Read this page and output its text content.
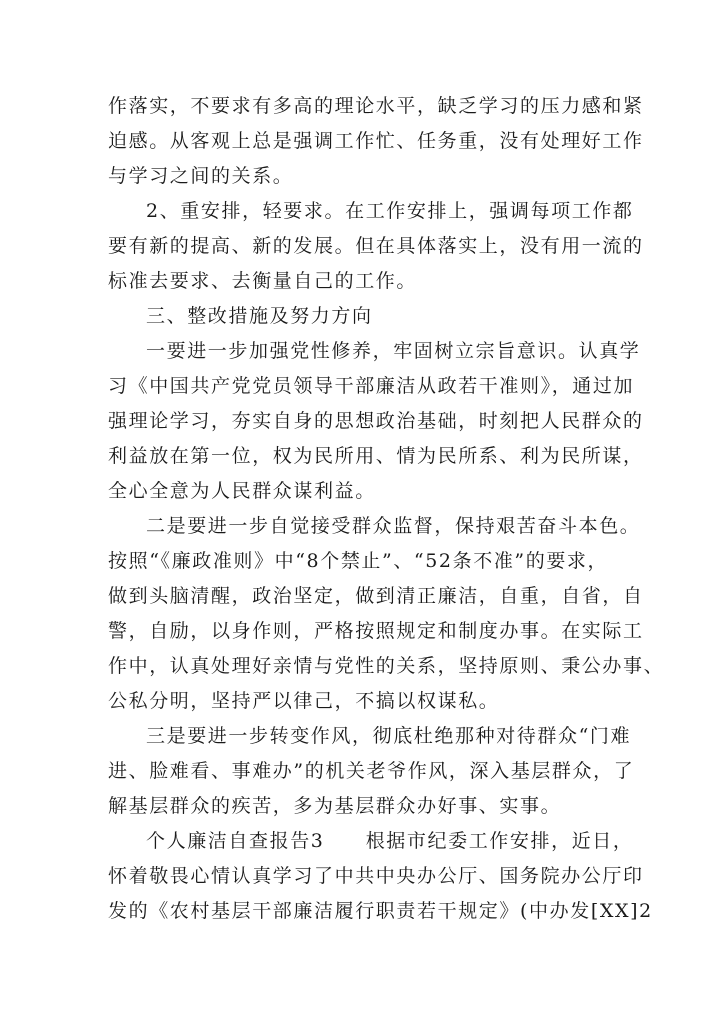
作落实，不要求有多高的理论水平，缺乏学习的压力感和紧
迫感。从客观上总是强调工作忙、任务重，没有处理好工作
与学习之间的关系。
2、重安排，轻要求。在工作安排上，强调每项工作都
要有新的提高、新的发展。但在具体落实上，没有用一流的
标准去要求、去衡量自己的工作。
三、整改措施及努力方向
一要进一步加强党性修养，牢固树立宗旨意识。认真学
习《中国共产党党员领导干部廉洁从政若干准则》，通过加
强理论学习，夯实自身的思想政治基础，时刻把人民群众的
利益放在第一位，权为民所用、情为民所系、利为民所谋，
全心全意为人民群众谋利益。
二是要进一步自觉接受群众监督，保持艰苦奋斗本色。
按照“《廉政准则》中“8个禁止”、“52条不准”的要求，
做到头脑清醒，政治坚定，做到清正廉洁，自重，自省，自
警，自励，以身作则，严格按照规定和制度办事。在实际工
作中，认真处理好亲情与党性的关系，坚持原则、秉公办事、
公私分明，坚持严以律己，不搞以权谋私。
三是要进一步转变作风，彻底杜绝那种对待群众“门难
进、脸难看、事难办”的机关老爷作风，深入基层群众，了
解基层群众的疾苦，多为基层群众办好事、实事。
个人廉洁自查报告3　　根据市纪委工作安排，近日，
怀着敬畏心情认真学习了中共中央办公厅、国务院办公厅印
发的《农村基层干部廉洁履行职责若干规定》(中办发[XX]2
